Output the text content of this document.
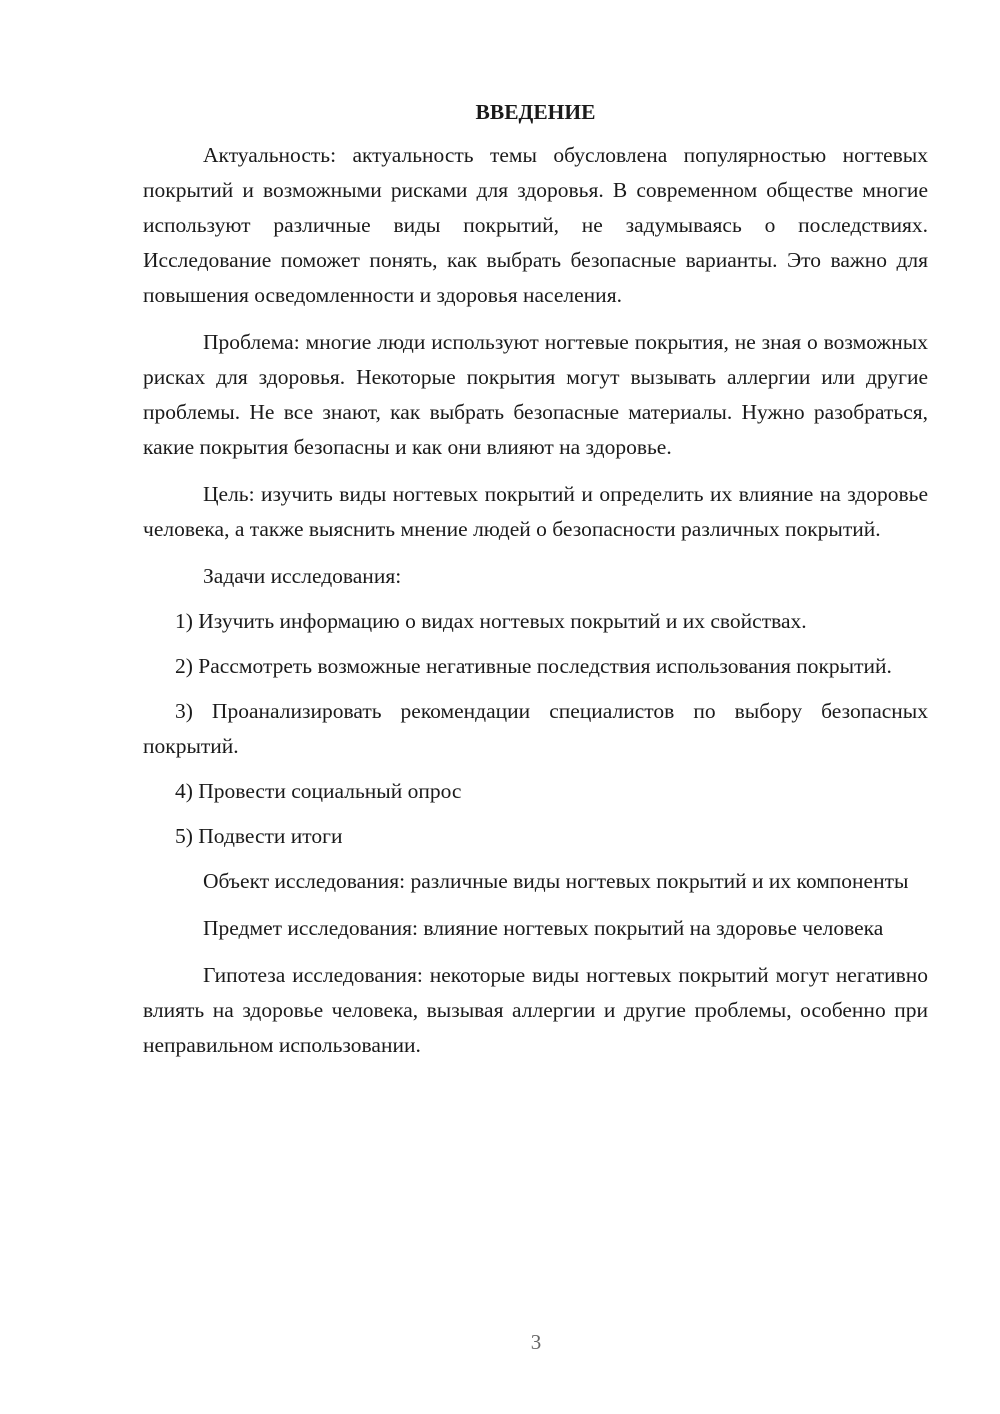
ВВЕДЕНИЕ

Актуальность: актуальность темы обусловлена популярностью ногтевых покрытий и возможными рисками для здоровья. В современном обществе многие используют различные виды покрытий, не задумываясь о последствиях. Исследование поможет понять, как выбрать безопасные варианты. Это важно для повышения осведомленности и здоровья населения.

Проблема: многие люди используют ногтевые покрытия, не зная о возможных рисках для здоровья. Некоторые покрытия могут вызывать аллергии или другие проблемы. Не все знают, как выбрать безопасные материалы. Нужно разобраться, какие покрытия безопасны и как они влияют на здоровье.

Цель: изучить виды ногтевых покрытий и определить их влияние на здоровье человека, а также выяснить мнение людей о безопасности различных покрытий.

Задачи исследования:

1) Изучить информацию о видах ногтевых покрытий и их свойствах.

2) Рассмотреть возможные негативные последствия использования покрытий.

3) Проанализировать рекомендации специалистов по выбору безопасных покрытий.

4) Провести социальный опрос

5) Подвести итоги

Объект исследования: различные виды ногтевых покрытий и их компоненты

Предмет исследования: влияние ногтевых покрытий на здоровье человека

Гипотеза исследования: некоторые виды ногтевых покрытий могут негативно влиять на здоровье человека, вызывая аллергии и другие проблемы, особенно при неправильном использовании.

3
